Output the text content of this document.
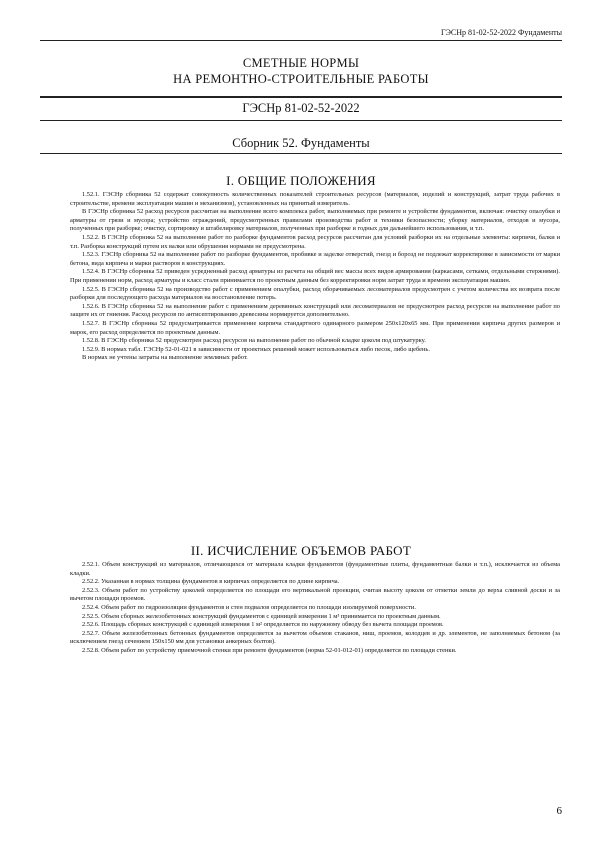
ГЭСНр 81-02-52-2022 Фундаменты
СМЕТНЫЕ НОРМЫ
НА РЕМОНТНО-СТРОИТЕЛЬНЫЕ РАБОТЫ
ГЭСНр 81-02-52-2022
Сборник 52. Фундаменты
I. ОБЩИЕ ПОЛОЖЕНИЯ

1.52.1. ГЭСНр сборника 52 содержат совокупность количественных показателей строительных ресурсов (материалов, изделий и конструкций, затрат труда рабочих в строительстве, времени эксплуатации машин и механизмов), установленных на принятый измеритель.

В ГЭСНр сборника 52 расход ресурсов рассчитан на выполнение всего комплекса работ, выполняемых при ремонте и устройстве фундаментов, включая: очистку опалубки и арматуры от грязи и мусора; устройство ограждений, предусмотренных правилами производства работ и техники безопасности; уборку материалов, отходов и мусора, полученных при разборке; очистку, сортировку и штабелировку материалов, полученных при разборке и годных для дальнейшего использования, и т.п.

1.52.2. В ГЭСНр сборника 52 на выполнение работ по разборке фундаментов расход ресурсов рассчитан для условий разборки их на отдельные элементы: кирпичи, балки и т.п. Разборка конструкций путем их валки или обрушения нормами не предусмотрена.

1.52.3. ГЭСНр сборника 52 на выполнение работ по разборке фундаментов, пробивке и заделке отверстий, гнезд и борозд не подлежат корректировке в зависимости от марки бетона, вида кирпича и марки растворов в конструкциях.

1.52.4. В ГЭСНр сборника 52 приведен усредненный расход арматуры из расчета на общий вес массы всех видов армирования (каркасами, сетками, отдельными стержнями). При применении норм, расход арматуры и класс стали принимается по проектным данным без корректировки норм затрат труда и времени эксплуатации машин.

1.52.5. В ГЭСНр сборника 52 на производство работ с применением опалубки, расход оборачиваемых лесоматериалов предусмотрен с учетом количества их возврата после разборки для последующего расхода материалов на восстановление потерь.

1.52.6. В ГЭСНр сборника 52 на выполнение работ с применением деревянных конструкций или лесоматериалов не предусмотрен расход ресурсов на выполнение работ по защите их от гниения. Расход ресурсов по антисептированию древесины нормируется дополнительно.

1.52.7. В ГЭСНр сборника 52 предусматривается применение кирпича стандартного одинарного размером 250х120х65 мм. При применении кирпича других размеров и марок, его расход определяется по проектным данным.

1.52.8. В ГЭСНр сборника 52 предусмотрен расход ресурсов на выполнение работ по обычной кладке цоколя под штукатурку.

1.52.9. В нормах табл. ГЭСНр 52-01-021 в зависимости от проектных решений может использоваться либо песок, либо щебень.

В нормах не учтены затраты на выполнение земляных работ.

II. ИСЧИСЛЕНИЕ ОБЪЕМОВ РАБОТ

2.52.1. Объем конструкций из материалов, отличающихся от материала кладки фундаментов (фундаментные плиты, фундаментные балки и т.п.), исключается из объема кладки.

2.52.2. Указанная в нормах толщина фундаментов в кирпичах определяется по длине кирпича.

2.52.3. Объем работ по устройству цоколей определяется по площади его вертикальной проекции, считая высоту цоколя от отметки земли до верха сливной доски и за вычетом площади проемов.

2.52.4. Объем работ по гидроизоляции фундаментов и стен подвалов определяется по площади изолируемой поверхности.

2.52.5. Объем сборных железобетонных конструкций фундаментов с единицей измерения 1 м³ принимается по проектным данным.

2.52.6. Площадь сборных конструкций с единицей измерения 1 м² определяется по наружному обводу без вычета площади проемов.

2.52.7. Объем железобетонных бетонных фундаментов определяется за вычетом объемов стаканов, ниш, проемов, колодцев и др. элементов, не заполняемых бетоном (за исключением гнезд сечением 150х150 мм для установки анкерных болтов).

2.52.8. Объем работ по устройству приемочной стенки при ремонте фундаментов (норма 52-01-012-01) определяется по площади стенки.

6
